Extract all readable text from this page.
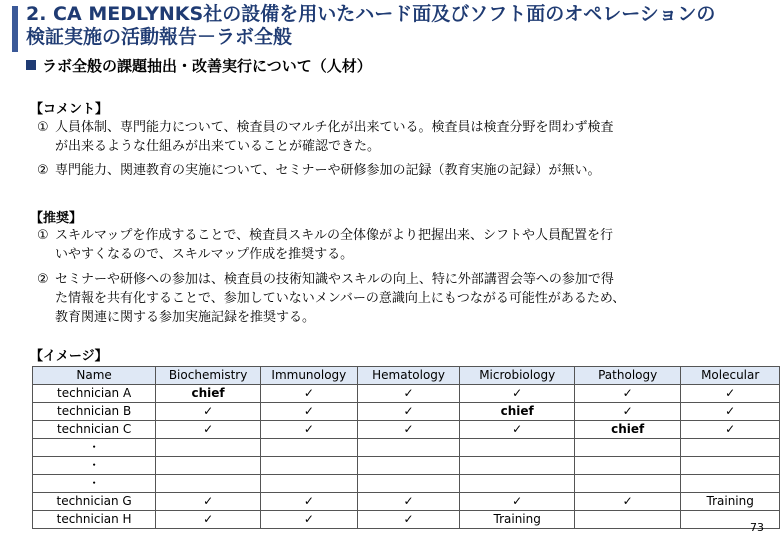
2. CA MEDLYNKS社の設備を用いたハード面及びソフト面のオペレーションの
検証実施の活動報告－ラボ全般
ラボ全般の課題抽出・改善実行について（人材）
【コメント】
① 人員体制、専門能力について、検査員のマルチ化が出来ている。検査員は検査分野を問わず検査
が出来るような仕組みが出来ていることが確認できた。
② 専門能力、関連教育の実施について、セミナーや研修参加の記録（教育実施の記録）が無い。
【推奨】
① スキルマップを作成することで、検査員スキルの全体像がより把握出来、シフトや人員配置を行
いやすくなるので、スキルマップ作成を推奨する。
② セミナーや研修への参加は、検査員の技術知識やスキルの向上、特に外部講習会等への参加で得
た情報を共有化することで、参加していないメンバーの意識向上にもつながる可能性があるため、
教育関連に関する参加実施記録を推奨する。
【イメージ】
Name	Biochemistry	Immunology	Hematology	Microbiology	Pathology	Molecular
technician A	chief	✓	✓	✓	✓	✓
technician B	✓	✓	✓	chief	✓	✓
technician C	✓	✓	✓	✓	chief	✓
・						
・						
・						
technician G	✓	✓	✓	✓	✓	Training
technician H	✓	✓	✓	Training		
73
